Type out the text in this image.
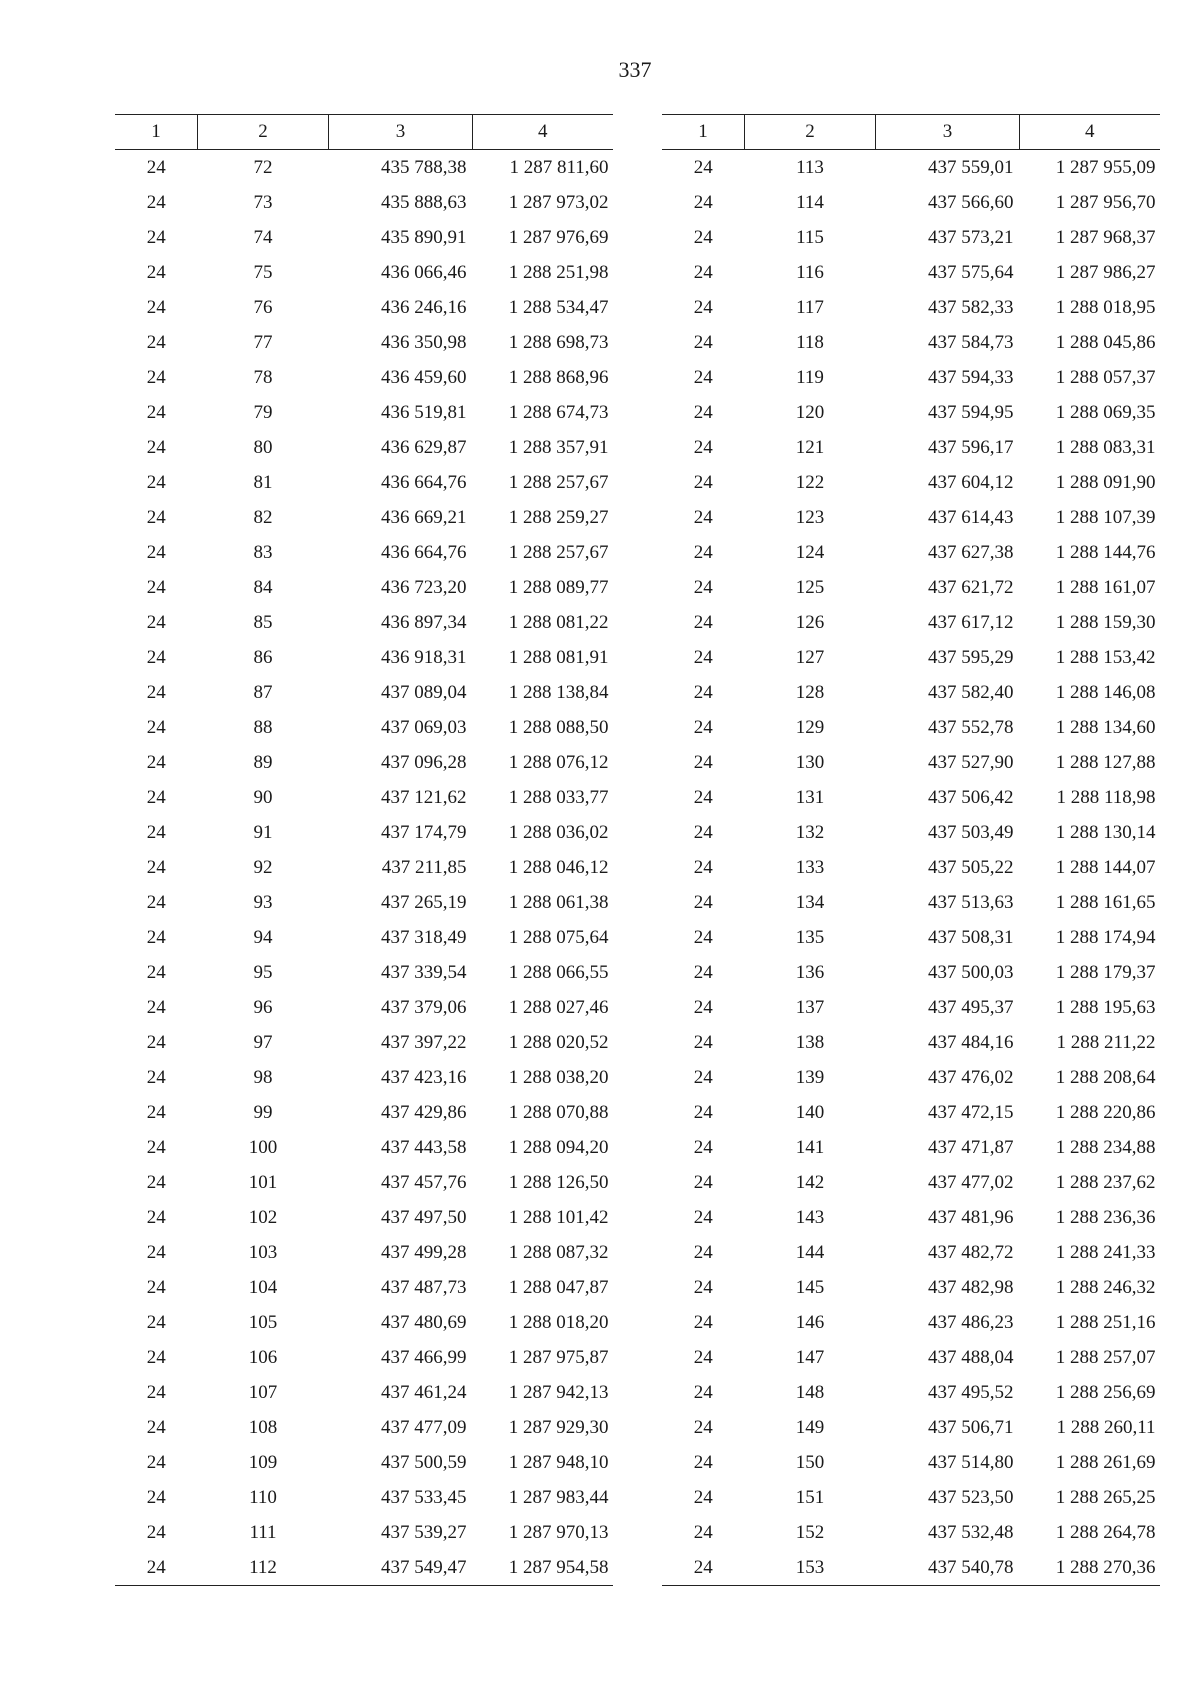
337
1	2	3	4
24	72	435 788,38	1 287 811,60
24	73	435 888,63	1 287 973,02
24	74	435 890,91	1 287 976,69
24	75	436 066,46	1 288 251,98
24	76	436 246,16	1 288 534,47
24	77	436 350,98	1 288 698,73
24	78	436 459,60	1 288 868,96
24	79	436 519,81	1 288 674,73
24	80	436 629,87	1 288 357,91
24	81	436 664,76	1 288 257,67
24	82	436 669,21	1 288 259,27
24	83	436 664,76	1 288 257,67
24	84	436 723,20	1 288 089,77
24	85	436 897,34	1 288 081,22
24	86	436 918,31	1 288 081,91
24	87	437 089,04	1 288 138,84
24	88	437 069,03	1 288 088,50
24	89	437 096,28	1 288 076,12
24	90	437 121,62	1 288 033,77
24	91	437 174,79	1 288 036,02
24	92	437 211,85	1 288 046,12
24	93	437 265,19	1 288 061,38
24	94	437 318,49	1 288 075,64
24	95	437 339,54	1 288 066,55
24	96	437 379,06	1 288 027,46
24	97	437 397,22	1 288 020,52
24	98	437 423,16	1 288 038,20
24	99	437 429,86	1 288 070,88
24	100	437 443,58	1 288 094,20
24	101	437 457,76	1 288 126,50
24	102	437 497,50	1 288 101,42
24	103	437 499,28	1 288 087,32
24	104	437 487,73	1 288 047,87
24	105	437 480,69	1 288 018,20
24	106	437 466,99	1 287 975,87
24	107	437 461,24	1 287 942,13
24	108	437 477,09	1 287 929,30
24	109	437 500,59	1 287 948,10
24	110	437 533,45	1 287 983,44
24	111	437 539,27	1 287 970,13
24	112	437 549,47	1 287 954,58
1	2	3	4
24	113	437 559,01	1 287 955,09
24	114	437 566,60	1 287 956,70
24	115	437 573,21	1 287 968,37
24	116	437 575,64	1 287 986,27
24	117	437 582,33	1 288 018,95
24	118	437 584,73	1 288 045,86
24	119	437 594,33	1 288 057,37
24	120	437 594,95	1 288 069,35
24	121	437 596,17	1 288 083,31
24	122	437 604,12	1 288 091,90
24	123	437 614,43	1 288 107,39
24	124	437 627,38	1 288 144,76
24	125	437 621,72	1 288 161,07
24	126	437 617,12	1 288 159,30
24	127	437 595,29	1 288 153,42
24	128	437 582,40	1 288 146,08
24	129	437 552,78	1 288 134,60
24	130	437 527,90	1 288 127,88
24	131	437 506,42	1 288 118,98
24	132	437 503,49	1 288 130,14
24	133	437 505,22	1 288 144,07
24	134	437 513,63	1 288 161,65
24	135	437 508,31	1 288 174,94
24	136	437 500,03	1 288 179,37
24	137	437 495,37	1 288 195,63
24	138	437 484,16	1 288 211,22
24	139	437 476,02	1 288 208,64
24	140	437 472,15	1 288 220,86
24	141	437 471,87	1 288 234,88
24	142	437 477,02	1 288 237,62
24	143	437 481,96	1 288 236,36
24	144	437 482,72	1 288 241,33
24	145	437 482,98	1 288 246,32
24	146	437 486,23	1 288 251,16
24	147	437 488,04	1 288 257,07
24	148	437 495,52	1 288 256,69
24	149	437 506,71	1 288 260,11
24	150	437 514,80	1 288 261,69
24	151	437 523,50	1 288 265,25
24	152	437 532,48	1 288 264,78
24	153	437 540,78	1 288 270,36
